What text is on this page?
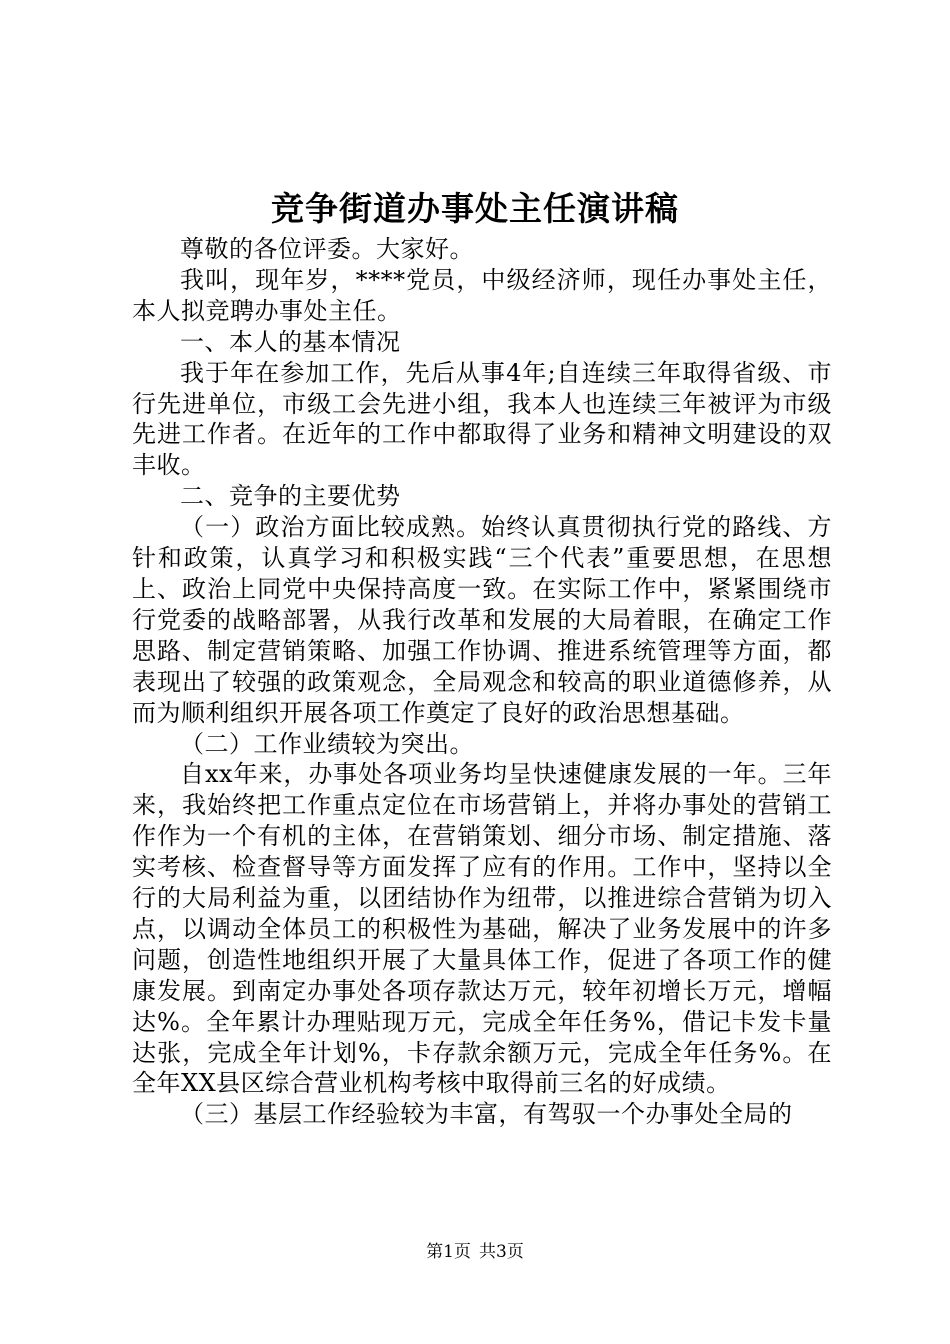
竞争街道办事处主任演讲稿

尊敬的各位评委。大家好。

我叫，现年岁，****党员，中级经济师，现任办事处主任，本人拟竞聘办事处主任。

一、本人的基本情况

我于年在参加工作，先后从事4年;自连续三年取得省级、市行先进单位，市级工会先进小组，我本人也连续三年被评为市级先进工作者。在近年的工作中都取得了业务和精神文明建设的双丰收。

二、竞争的主要优势

（一）政治方面比较成熟。始终认真贯彻执行党的路线、方针和政策，认真学习和积极实践“三个代表”重要思想，在思想上、政治上同党中央保持高度一致。在实际工作中，紧紧围绕市行党委的战略部署，从我行改革和发展的大局着眼，在确定工作思路、制定营销策略、加强工作协调、推进系统管理等方面，都表现出了较强的政策观念，全局观念和较高的职业道德修养，从而为顺利组织开展各项工作奠定了良好的政治思想基础。

（二）工作业绩较为突出。

自xx年来，办事处各项业务均呈快速健康发展的一年。三年来，我始终把工作重点定位在市场营销上，并将办事处的营销工作作为一个有机的主体，在营销策划、细分市场、制定措施、落实考核、检查督导等方面发挥了应有的作用。工作中，坚持以全行的大局利益为重，以团结协作为纽带，以推进综合营销为切入点，以调动全体员工的积极性为基础，解决了业务发展中的许多问题，创造性地组织开展了大量具体工作，促进了各项工作的健康发展。到南定办事处各项存款达万元，较年初增长万元，增幅达%。全年累计办理贴现万元，完成全年任务%，借记卡发卡量达张，完成全年计划%，卡存款余额万元，完成全年任务%。在全年XX县区综合营业机构考核中取得前三名的好成绩。

（三）基层工作经验较为丰富，有驾驭一个办事处全局的

第1页 共3页
